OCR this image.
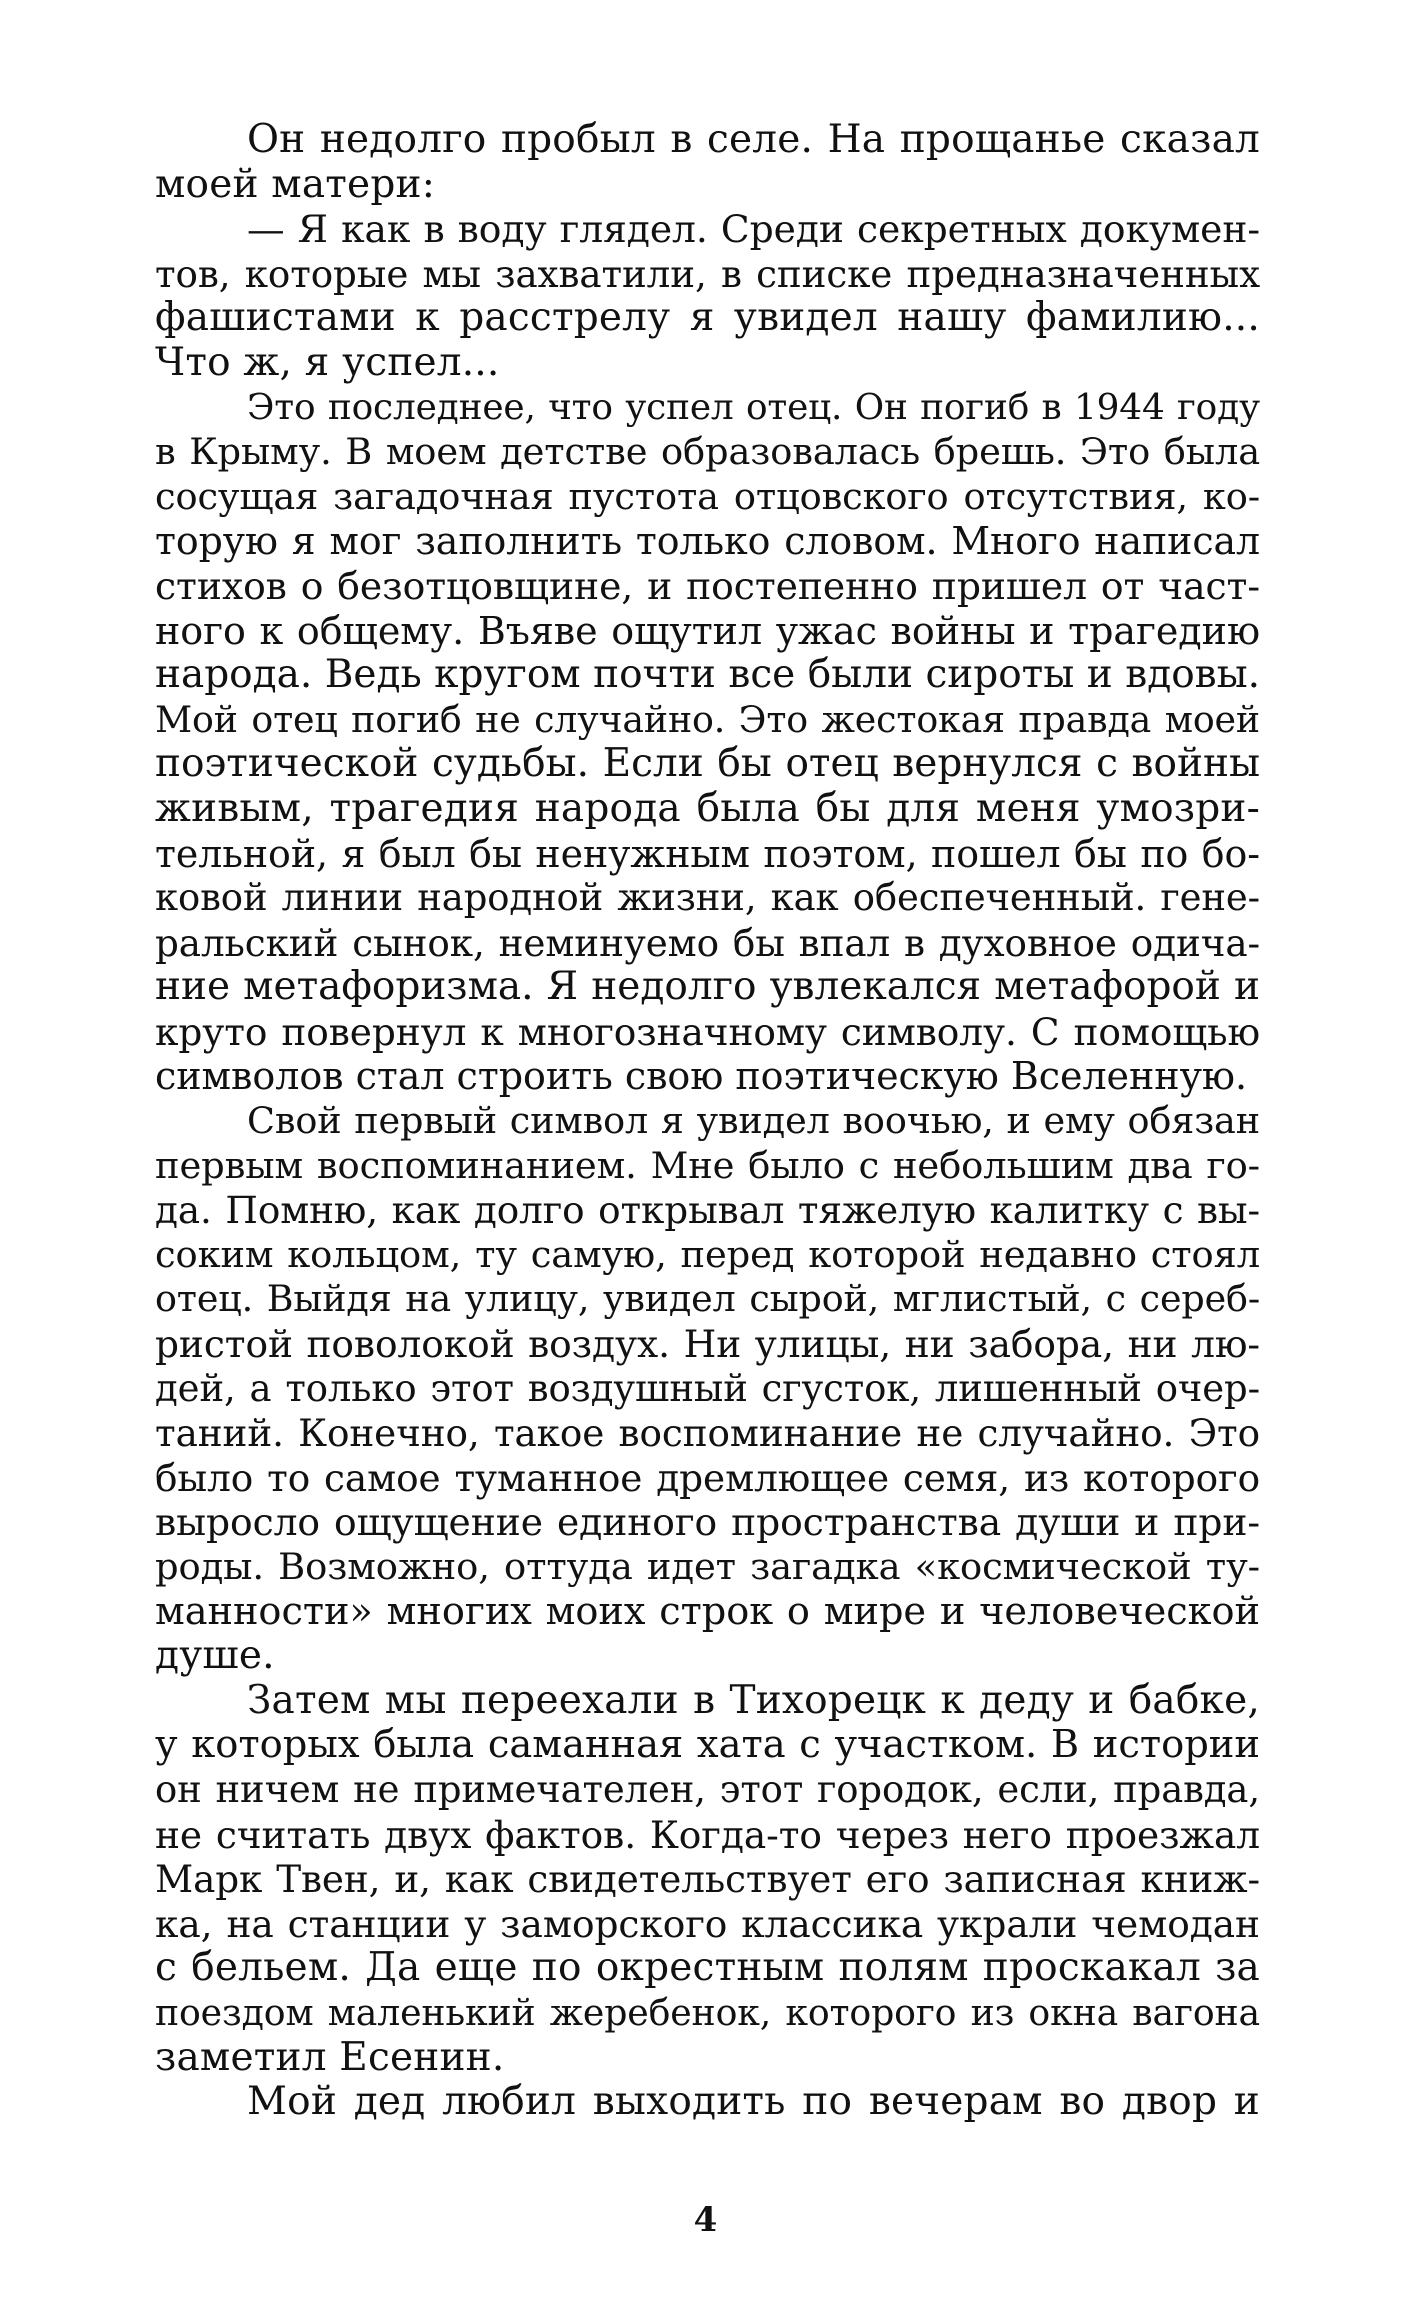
Он недолго пробыл в селе. На прощанье сказал
моей матери:
— Я как в воду глядел. Среди секретных докумен-
тов, которые мы захватили, в списке предназначенных
фашистами к расстрелу я увидел нашу фамилию...
Что ж, я успел...
Это последнее, что успел отец. Он погиб в 1944 году
в Крыму. В моем детстве образовалась брешь. Это была
сосущая загадочная пустота отцовского отсутствия, ко-
торую я мог заполнить только словом. Много написал
стихов о безотцовщине, и постепенно пришел от част-
ного к общему. Въяве ощутил ужас войны и трагедию
народа. Ведь кругом почти все были сироты и вдовы.
Мой отец погиб не случайно. Это жестокая правда моей
поэтической судьбы. Если бы отец вернулся с войны
живым, трагедия народа была бы для меня умозри-
тельной, я был бы ненужным поэтом, пошел бы по бо-
ковой линии народной жизни, как обеспеченный. гене-
ральский сынок, неминуемо бы впал в духовное одича-
ние метафоризма. Я недолго увлекался метафорой и
круто повернул к многозначному символу. С помощью
символов стал строить свою поэтическую Вселенную.
Свой первый символ я увидел воочью, и ему обязан
первым воспоминанием. Мне было с небольшим два го-
да. Помню, как долго открывал тяжелую калитку с вы-
соким кольцом, ту самую, перед которой недавно стоял
отец. Выйдя на улицу, увидел сырой, мглистый, с сереб-
ристой поволокой воздух. Ни улицы, ни забора, ни лю-
дей, а только этот воздушный сгусток, лишенный очер-
таний. Конечно, такое воспоминание не случайно. Это
было то самое туманное дремлющее семя, из которого
выросло ощущение единого пространства души и при-
роды. Возможно, оттуда идет загадка «космической ту-
манности» многих моих строк о мире и человеческой
душе.
Затем мы переехали в Тихорецк к деду и бабке,
у которых была саманная хата с участком. В истории
он ничем не примечателен, этот городок, если, правда,
не считать двух фактов. Когда-то через него проезжал
Марк Твен, и, как свидетельствует его записная книж-
ка, на станции у заморского классика украли чемодан
с бельем. Да еще по окрестным полям проскакал за
поездом маленький жеребенок, которого из окна вагона
заметил Есенин.
Мой дед любил выходить по вечерам во двор и
4
